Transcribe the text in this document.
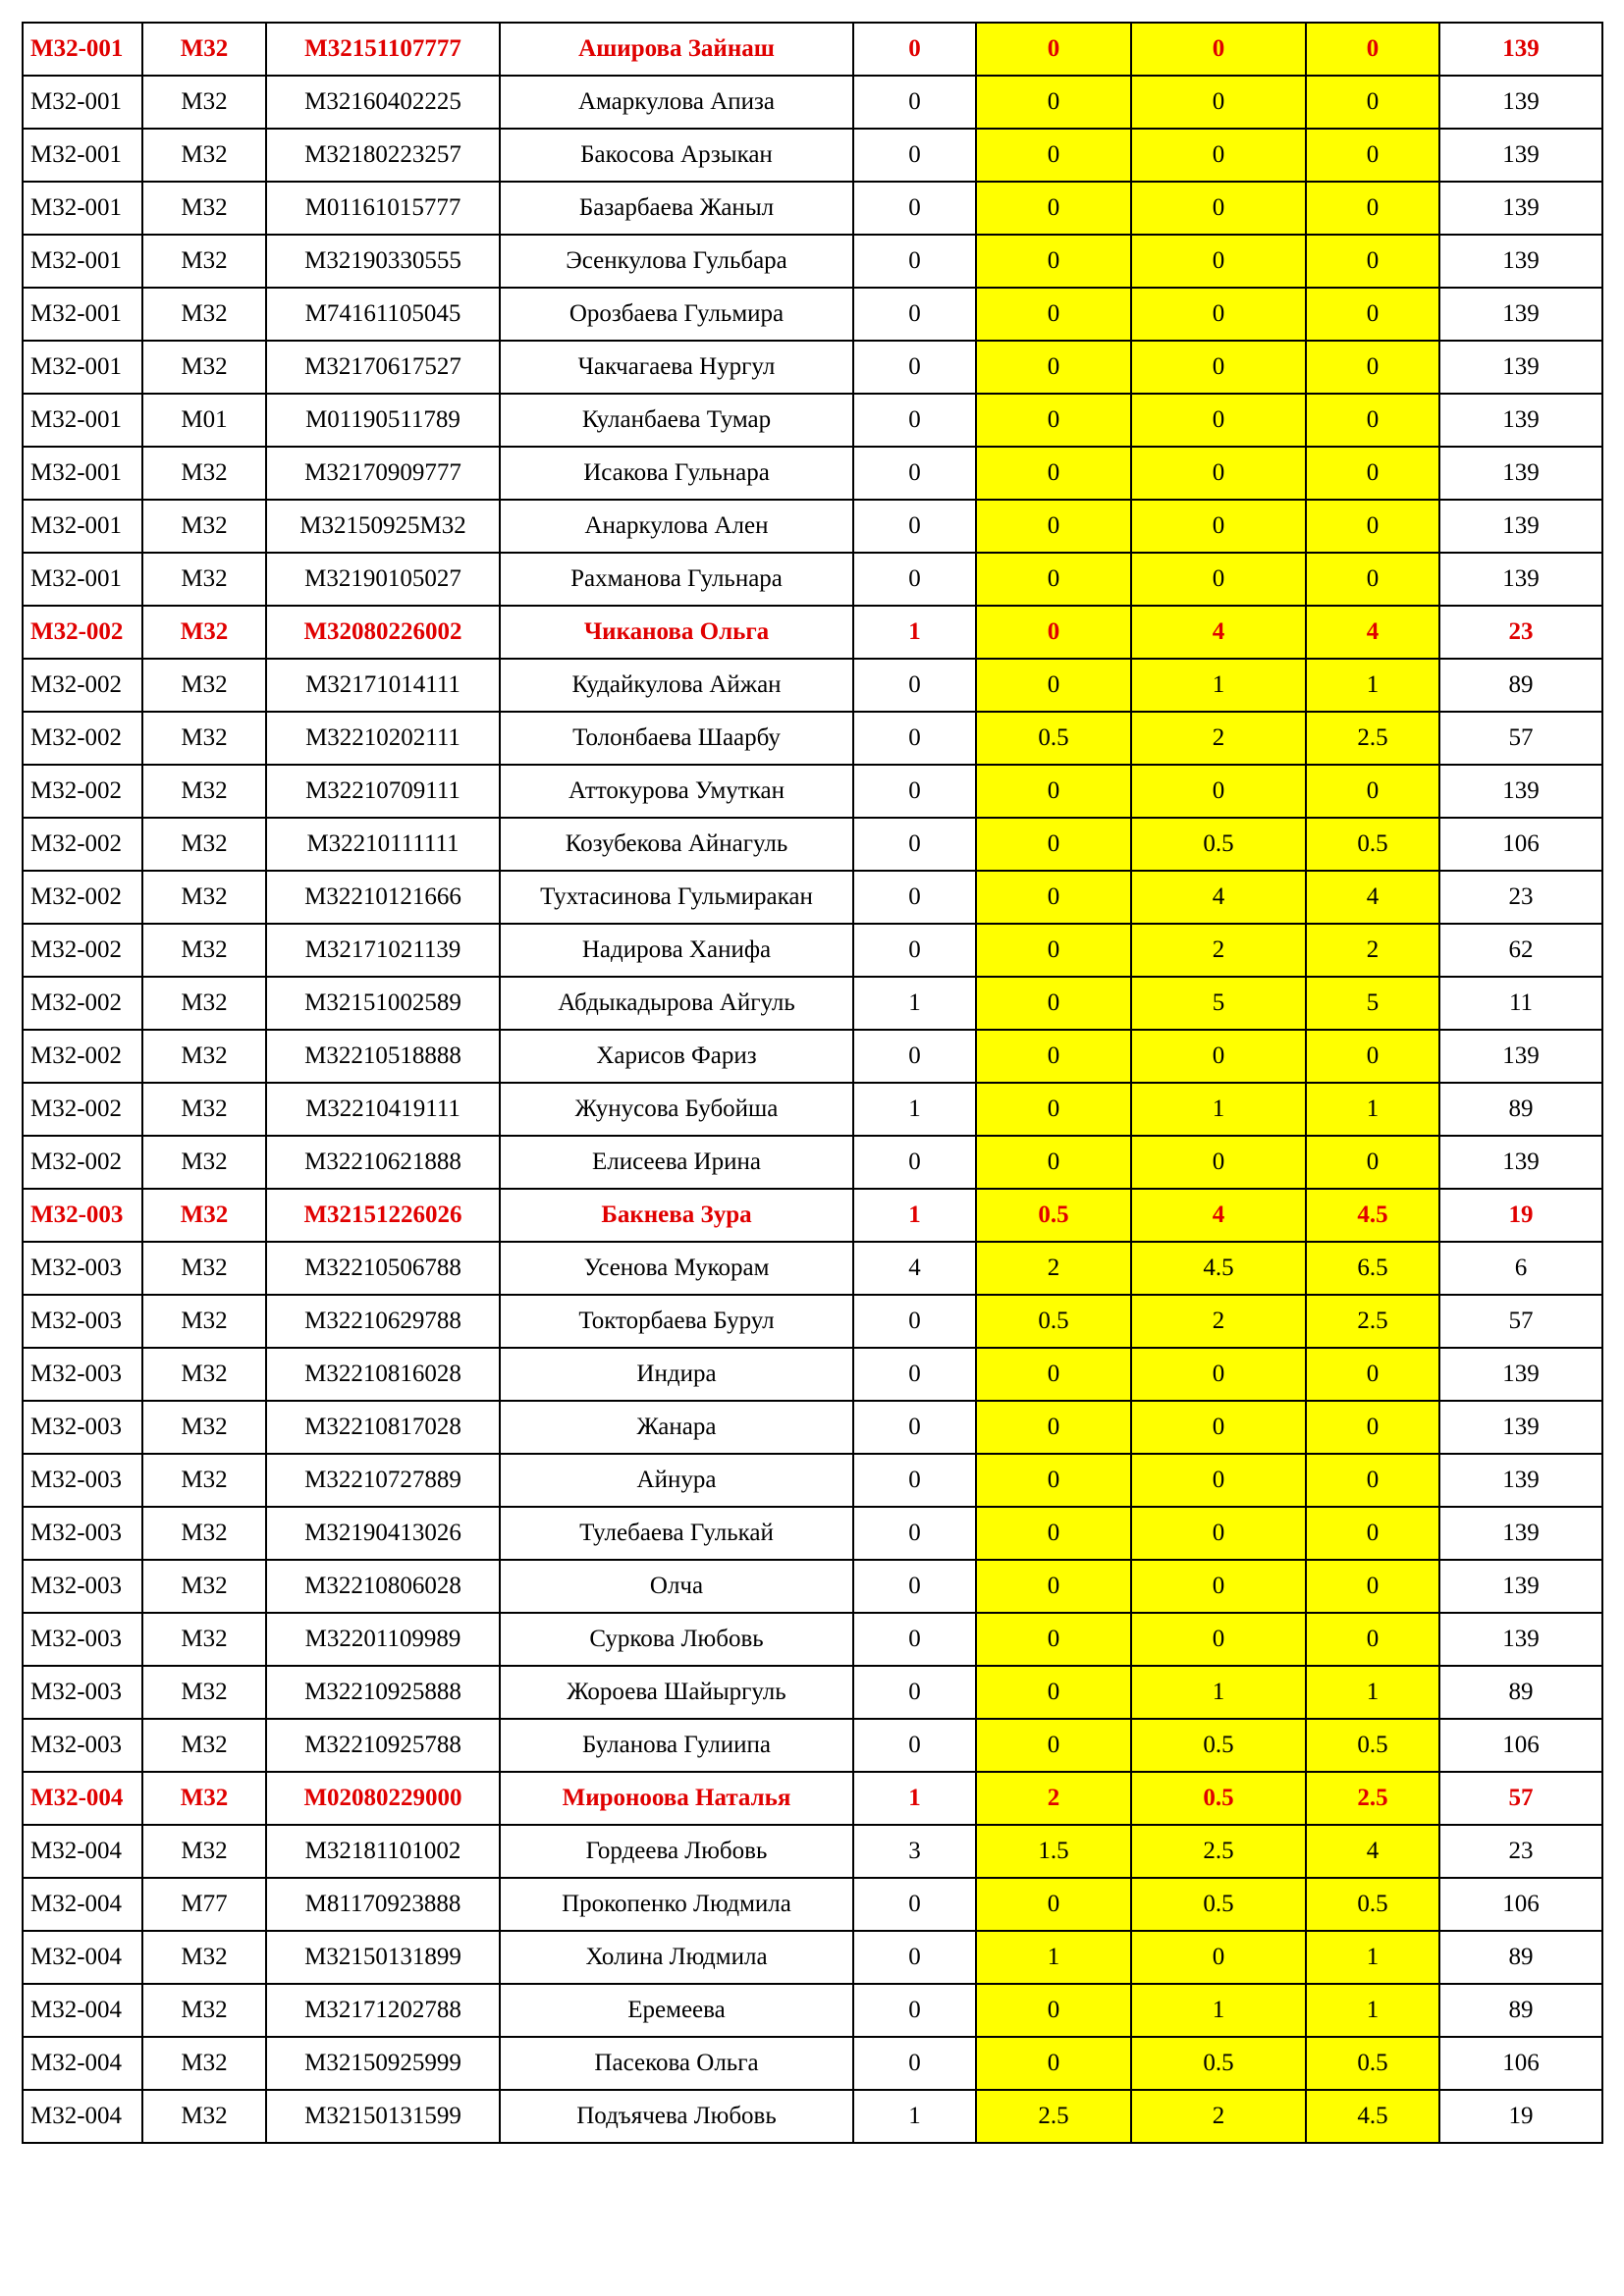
M32-001	M32	M32151107777	Аширова Зайнаш	0	0	0	0	139
M32-001	M32	M32160402225	Амаркулова Апиза	0	0	0	0	139
M32-001	M32	M32180223257	Бакосова Арзыкан	0	0	0	0	139
M32-001	M32	M01161015777	Базарбаева Жаныл	0	0	0	0	139
M32-001	M32	M32190330555	Эсенкулова Гульбара	0	0	0	0	139
M32-001	M32	M74161105045	Орозбаева Гульмира	0	0	0	0	139
M32-001	M32	M32170617527	Чакчагаева Нургул	0	0	0	0	139
M32-001	M01	M01190511789	Куланбаева Тумар	0	0	0	0	139
M32-001	M32	M32170909777	Исакова Гульнара	0	0	0	0	139
M32-001	M32	M32150925M32	Анаркулова Ален	0	0	0	0	139
M32-001	M32	M32190105027	Рахманова Гульнара	0	0	0	0	139
M32-002	M32	M32080226002	Чиканова Ольга	1	0	4	4	23
M32-002	M32	M32171014111	Кудайкулова Айжан	0	0	1	1	89
M32-002	M32	M32210202111	Толонбаева Шаарбу	0	0.5	2	2.5	57
M32-002	M32	M32210709111	Аттокурова Умуткан	0	0	0	0	139
M32-002	M32	M32210111111	Козубекова Айнагуль	0	0	0.5	0.5	106
M32-002	M32	M32210121666	Тухтасинова Гульмиракан	0	0	4	4	23
M32-002	M32	M32171021139	Надирова Ханифа	0	0	2	2	62
M32-002	M32	M32151002589	Абдыкадырова Айгуль	1	0	5	5	11
M32-002	M32	M32210518888	Харисов Фариз	0	0	0	0	139
M32-002	M32	M32210419111	Жунусова Бубойша	1	0	1	1	89
M32-002	M32	M32210621888	Елисеева Ирина	0	0	0	0	139
M32-003	M32	M32151226026	Бакнева Зура	1	0.5	4	4.5	19
M32-003	M32	M32210506788	Усенова Мукорам	4	2	4.5	6.5	6
M32-003	M32	M32210629788	Токторбаева Бурул	0	0.5	2	2.5	57
M32-003	M32	M32210816028	Индира	0	0	0	0	139
M32-003	M32	M32210817028	Жанара	0	0	0	0	139
M32-003	M32	M32210727889	Айнура	0	0	0	0	139
M32-003	M32	M32190413026	Тулебаева Гулькай	0	0	0	0	139
M32-003	M32	M32210806028	Олча	0	0	0	0	139
M32-003	M32	M32201109989	Суркова Любовь	0	0	0	0	139
M32-003	M32	M32210925888	Жороева Шайыргуль	0	0	1	1	89
M32-003	M32	M32210925788	Буланова Гулиипа	0	0	0.5	0.5	106
M32-004	M32	M02080229000	Мироноова Наталья	1	2	0.5	2.5	57
M32-004	M32	M32181101002	Гордеева Любовь	3	1.5	2.5	4	23
M32-004	M77	M81170923888	Прокопенко Людмила	0	0	0.5	0.5	106
M32-004	M32	M32150131899	Холина Людмила	0	1	0	1	89
M32-004	M32	M32171202788	Еремеева	0	0	1	1	89
M32-004	M32	M32150925999	Пасекова Ольга	0	0	0.5	0.5	106
M32-004	M32	M32150131599	Подъячева Любовь	1	2.5	2	4.5	19
